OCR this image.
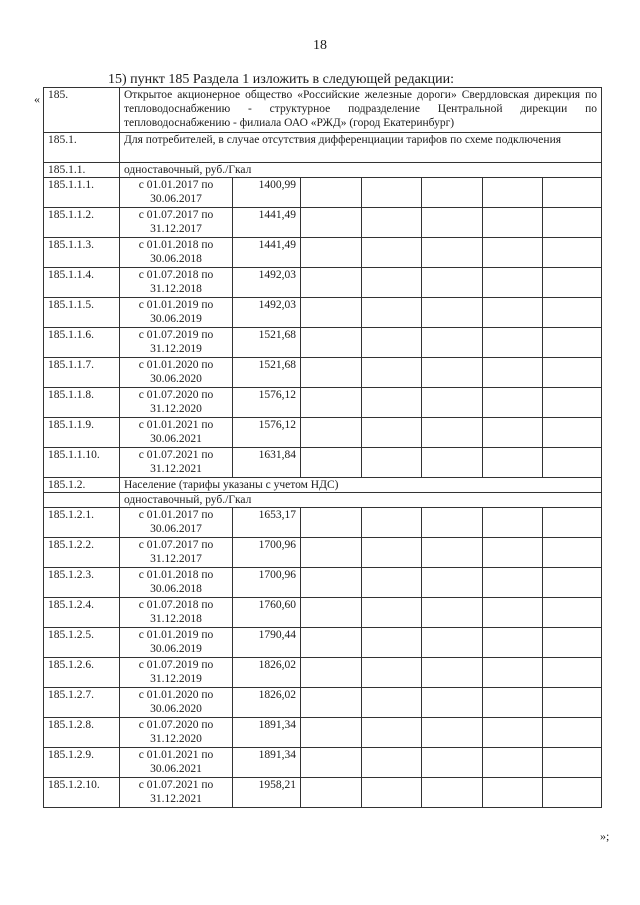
18
15) пункт 185 Раздела 1 изложить в следующей редакции:
« 185.	Открытое акционерное общество «Российские железные дороги» Свердловская дирекция по тепловодоснабжению - структурное подразделение Центральной дирекции по тепловодоснабжению - филиала ОАО «РЖД» (город Екатеринбург)						
185.1.	Для потребителей, в случае отсутствия дифференциации тарифов по схеме подключения						
185.1.1.	одноставочный, руб./Гкал						
185.1.1.1.	с 01.01.2017 по 30.06.2017	1400,99					
185.1.1.2.	с 01.07.2017 по 31.12.2017	1441,49					
185.1.1.3.	с 01.01.2018 по 30.06.2018	1441,49					
185.1.1.4.	с 01.07.2018 по 31.12.2018	1492,03					
185.1.1.5.	с 01.01.2019 по 30.06.2019	1492,03					
185.1.1.6.	с 01.07.2019 по 31.12.2019	1521,68					
185.1.1.7.	с 01.01.2020 по 30.06.2020	1521,68					
185.1.1.8.	с 01.07.2020 по 31.12.2020	1576,12					
185.1.1.9.	с 01.01.2021 по 30.06.2021	1576,12					
185.1.1.10.	с 01.07.2021 по 31.12.2021	1631,84					
185.1.2.	Население (тарифы указаны с учетом НДС)						
	одноставочный, руб./Гкал						
185.1.2.1.	с 01.01.2017 по 30.06.2017	1653,17					
185.1.2.2.	с 01.07.2017 по 31.12.2017	1700,96					
185.1.2.3.	с 01.01.2018 по 30.06.2018	1700,96					
185.1.2.4.	с 01.07.2018 по 31.12.2018	1760,60					
185.1.2.5.	с 01.01.2019 по 30.06.2019	1790,44					
185.1.2.6.	с 01.07.2019 по 31.12.2019	1826,02					
185.1.2.7.	с 01.01.2020 по 30.06.2020	1826,02					
185.1.2.8.	с 01.07.2020 по 31.12.2020	1891,34					
185.1.2.9.	с 01.01.2021 по 30.06.2021	1891,34					
185.1.2.10.	с 01.07.2021 по 31.12.2021	1958,21					
»;
